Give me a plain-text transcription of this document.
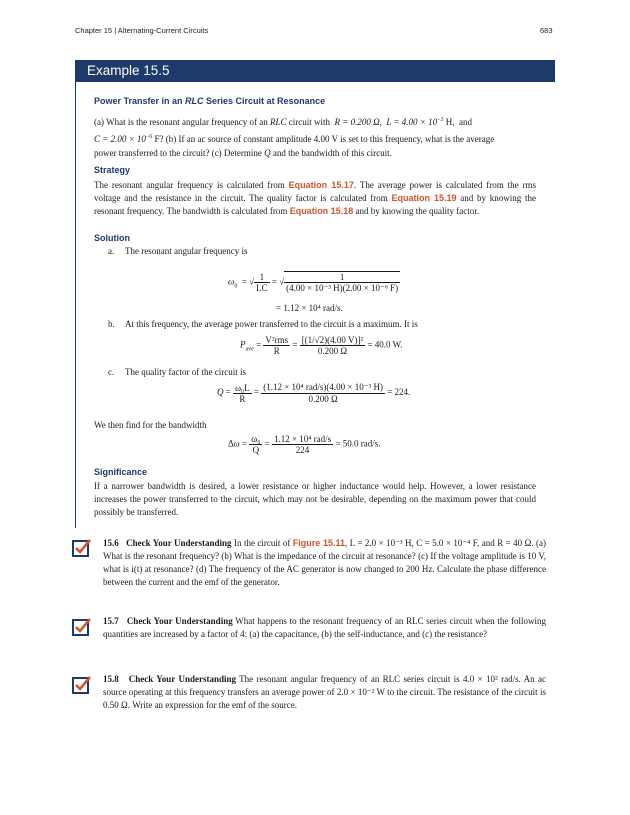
Chapter 15 | Alternating-Current Circuits	683
Example 15.5
Power Transfer in an RLC Series Circuit at Resonance
(a) What is the resonant angular frequency of an RLC circuit with R = 0.200 Ω, $L = 4.00 \times 10^{-3}$ H, and
$C = 2.00 \times 10^{-6}$ F? (b) If an ac source of constant amplitude 4.00 V is set to this frequency, what is the average
power transferred to the circuit? (c) Determine Q and the bandwidth of this circuit.
Strategy
The resonant angular frequency is calculated from Equation 15.17. The average power is calculated from the rms voltage and the resistance in the circuit. The quality factor is calculated from Equation 15.19 and by knowing the resonant frequency. The bandwidth is calculated from Equation 15.18 and by knowing the quality factor.
Solution
a. The resonant angular frequency is
$\omega_0$  = √ $\frac{1}{LC}$ = √ $\frac{1}{\text{(4.00 × 10⁻³ H)(2.00 × 10⁻⁶ F)}}$
= 1.12 × 10⁴ rad/s.
b. At this frequency, the average power transferred to the circuit is a maximum. It is
$P_{ave} = \frac{\text{V²rms}}{R} = \frac{\text{[(1/√2)(4.00 V)]²}}{0.200 \Omega} = 40.0$ W.
c. The quality factor of the circuit is
$Q = \frac{\text{ω₀L}}{R} = \frac{\text{(1.12 × 10⁴ rad/s)(4.00 × 10⁻³ H)}}{0.200 \Omega} = 224$.
We then find for the bandwidth
$\Delta\omega = \frac{\text{ω₀}}{Q} = \frac{\text{1.12 × 10⁴ rad/s}}{224} = 50.0$ rad/s.
Significance
If a narrower bandwidth is desired, a lower resistance or higher inductance would help. However, a lower resistance increases the power transferred to the circuit, which may not be desirable, depending on the maximum power that could possibly be transferred.
15.6 Check Your Understanding In the circuit of Figure 15.11, L = 2.0 × 10⁻³ H, C = 5.0 × 10⁻⁴ F, and R = 40 Ω. (a) What is the resonant frequency? (b) What is the impedance of the circuit at resonance? (c) If the voltage amplitude is 10 V, what is i(t) at resonance? (d) The frequency of the AC generator is now changed to 200 Hz. Calculate the phase difference between the current and the emf of the generator.
15.7 Check Your Understanding What happens to the resonant frequency of an RLC series circuit when the following quantities are increased by a factor of 4: (a) the capacitance, (b) the self-inductance, and (c) the resistance?
15.8 Check Your Understanding The resonant angular frequency of an RLC series circuit is 4.0 × 10² rad/s. An ac source operating at this frequency transfers an average power of 2.0 × 10⁻² W to the circuit. The resistance of the circuit is 0.50 Ω. Write an expression for the emf of the source.
